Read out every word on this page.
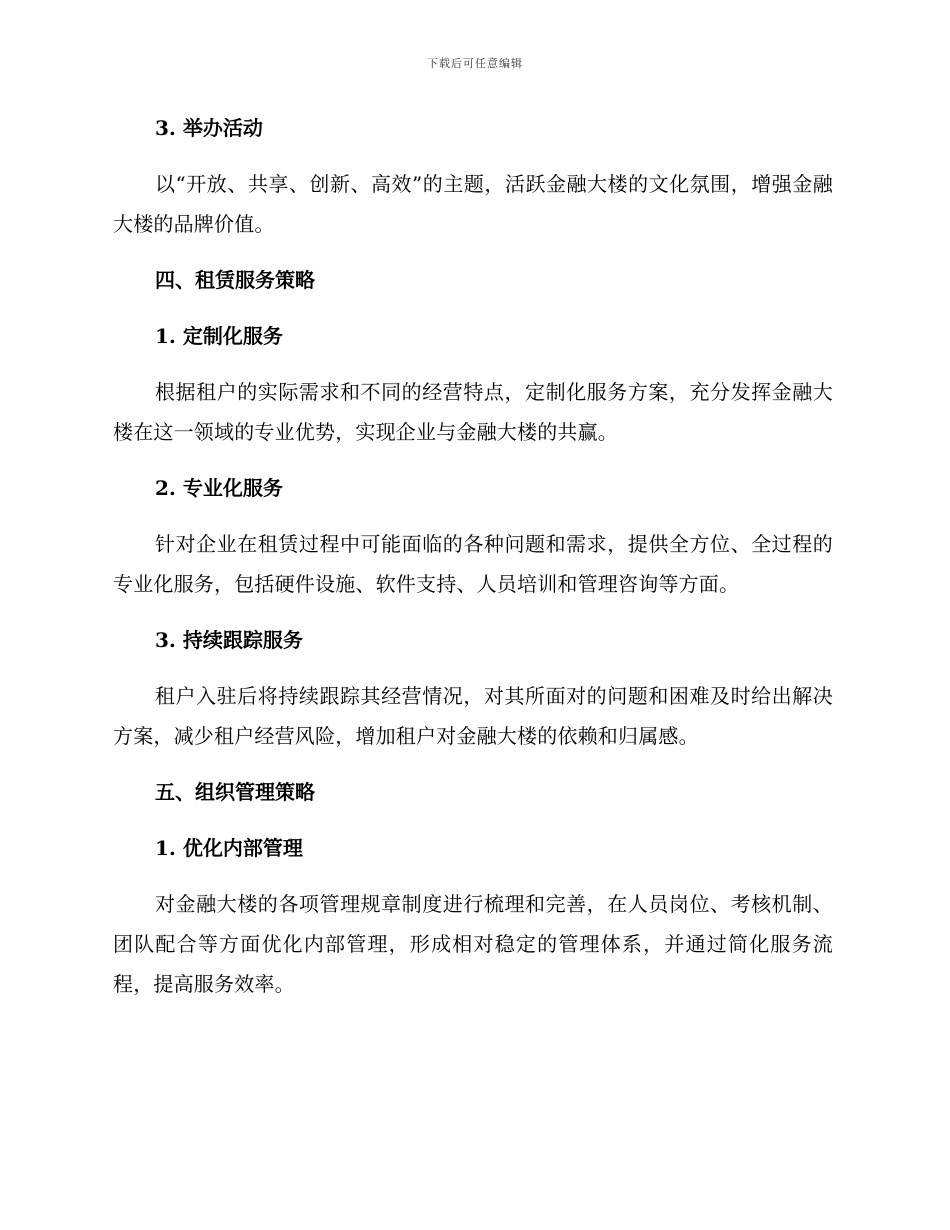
下载后可任意编辑
3. 举办活动
以“开放、共享、创新、高效”的主题，活跃金融大楼的文化氛围，增强金融大楼的品牌价值。
四、租赁服务策略
1. 定制化服务
根据租户的实际需求和不同的经营特点，定制化服务方案，充分发挥金融大楼在这一领域的专业优势，实现企业与金融大楼的共赢。
2. 专业化服务
针对企业在租赁过程中可能面临的各种问题和需求，提供全方位、全过程的专业化服务，包括硬件设施、软件支持、人员培训和管理咨询等方面。
3. 持续跟踪服务
租户入驻后将持续跟踪其经营情况，对其所面对的问题和困难及时给出解决方案，减少租户经营风险，增加租户对金融大楼的依赖和归属感。
五、组织管理策略
1. 优化内部管理
对金融大楼的各项管理规章制度进行梳理和完善，在人员岗位、考核机制、团队配合等方面优化内部管理，形成相对稳定的管理体系，并通过简化服务流程，提高服务效率。
